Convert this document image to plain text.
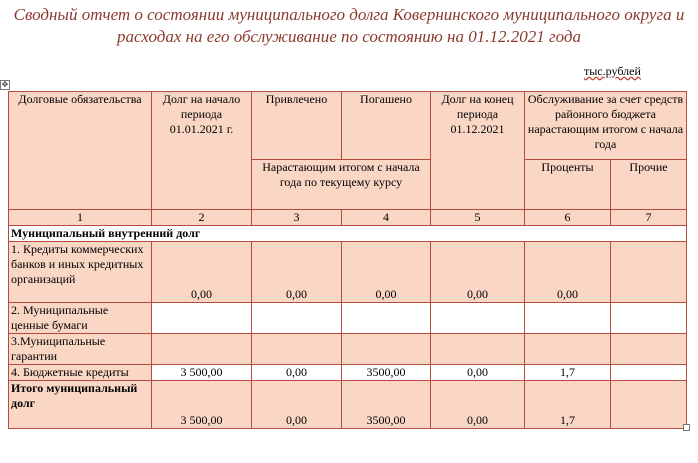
Сводный отчет о состоянии муниципального долга Ковернинского муниципального округа и расходах на его обслуживание по состоянию на 01.12.2021 года
тыс.рублей
✥
Долговые обязательства	Долг на начало периода 01.01.2021 г.	Привлечено	Погашено	Долг на конец периода 01.12.2021	Обслуживание за счет средств районного бюджета нарастающим итогом с начала года	
		Нарастающим итогом с начала года по текущему курсу			Проценты	Прочие
1	2	3	4	5	6	7
Муниципальный внутренний долг						
1. Кредиты коммерческих банков и иных кредитных организаций	0,00	0,00	0,00	0,00	0,00	
2. Муниципальные ценные бумаги						
3.Муниципальные гарантии						
4. Бюджетные кредиты	3 500,00	0,00	3500,00	0,00	1,7	
Итого муниципальный долг	3 500,00	0,00	3500,00	0,00	1,7	
